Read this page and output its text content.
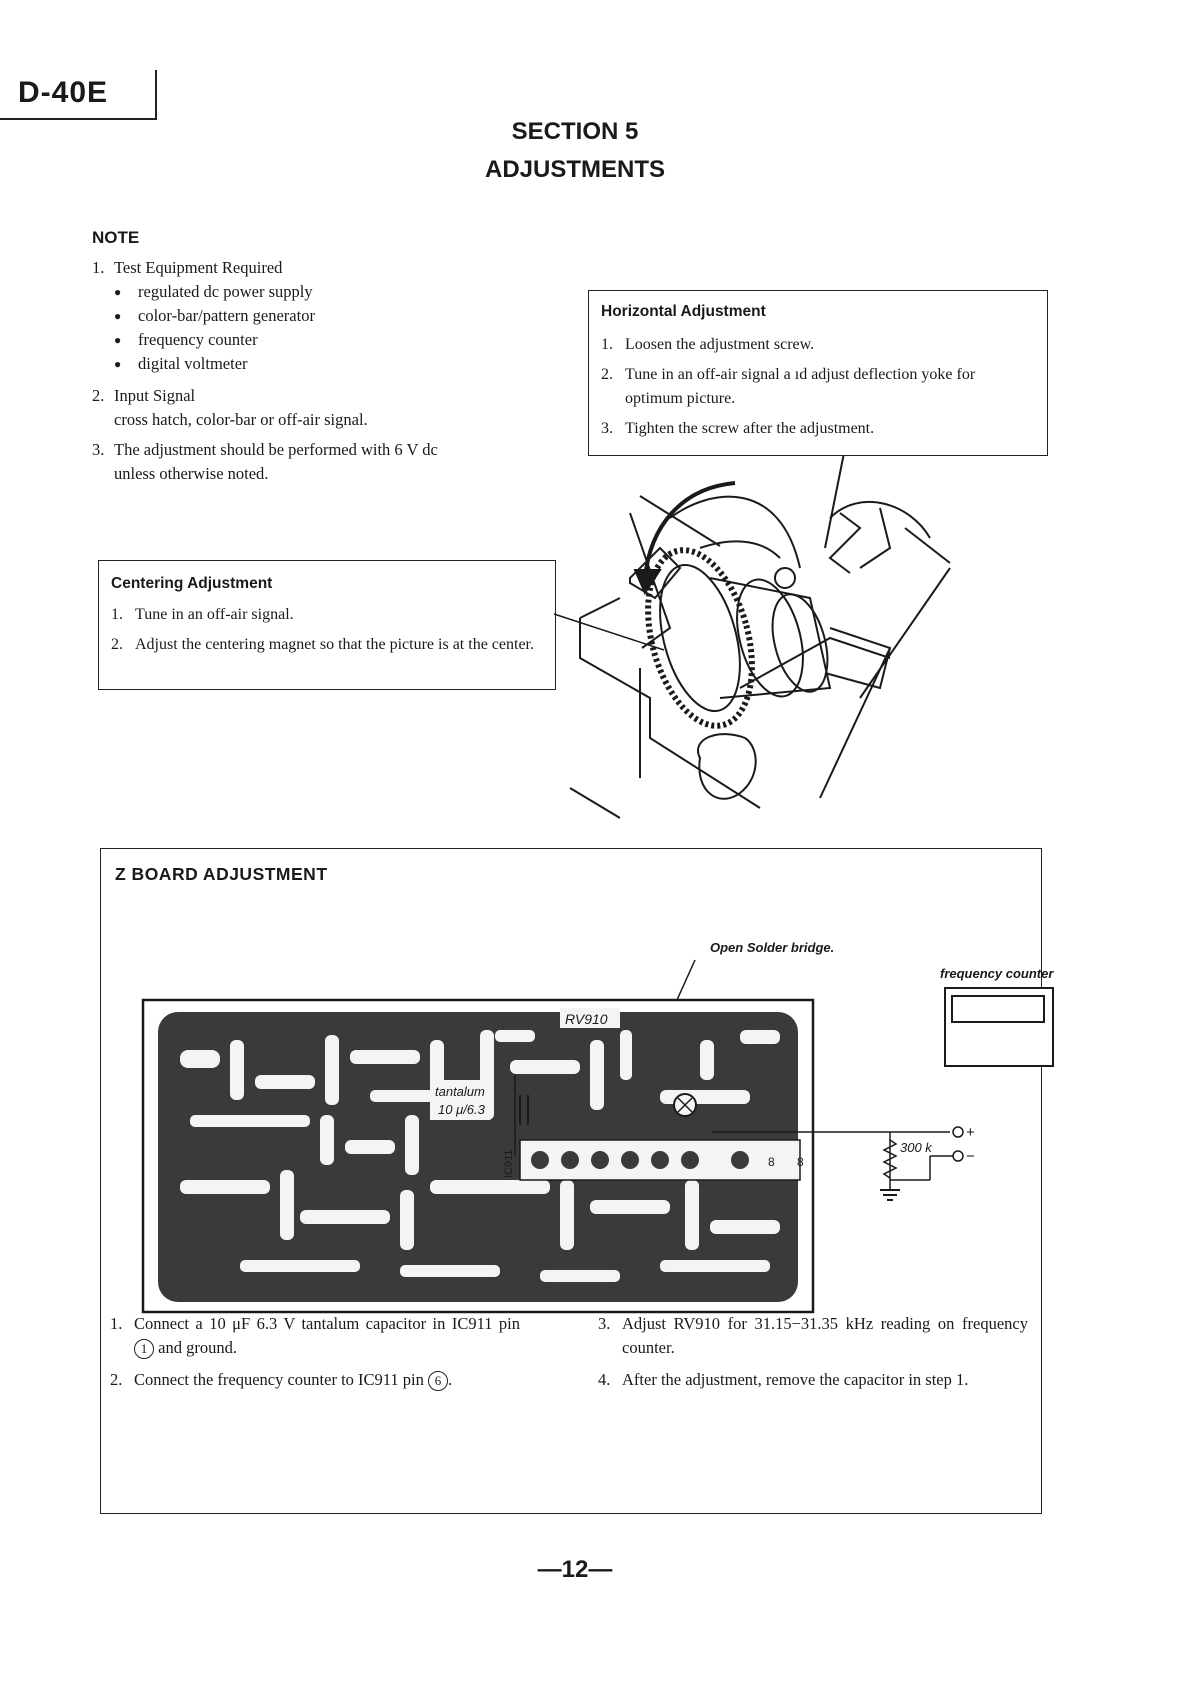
D-40E
SECTION 5
ADJUSTMENTS
NOTE
1. Test Equipment Required
● regulated dc power supply
● color-bar/pattern generator
● frequency counter
● digital voltmeter
2. Input Signal
cross hatch, color-bar or off-air signal.
3. The adjustment should be performed with 6 V dc
unless otherwise noted.
Horizontal Adjustment
1. Loosen the adjustment screw.
2. Tune in an off-air signal a ıd adjust deflection yoke for optimum picture.
3. Tighten the screw after the adjustment.
Centering Adjustment
1. Tune in an off-air signal.
2. Adjust the centering magnet so that the picture is at the center.
Z BOARD ADJUSTMENT
Open Solder bridge.
8 8
IC911
tantalum
10 μ/6.3
RV910
300 k
frequency counter
+
−
1. Connect a 10 μF 6.3 V tantalum capacitor in IC911 pin 1 and ground.
2. Connect the frequency counter to IC911 pin 6 .
3. Adjust RV910 for 31.15−31.35 kHz reading on frequency counter.
4. After the adjustment, remove the capacitor in step 1.
—12—
